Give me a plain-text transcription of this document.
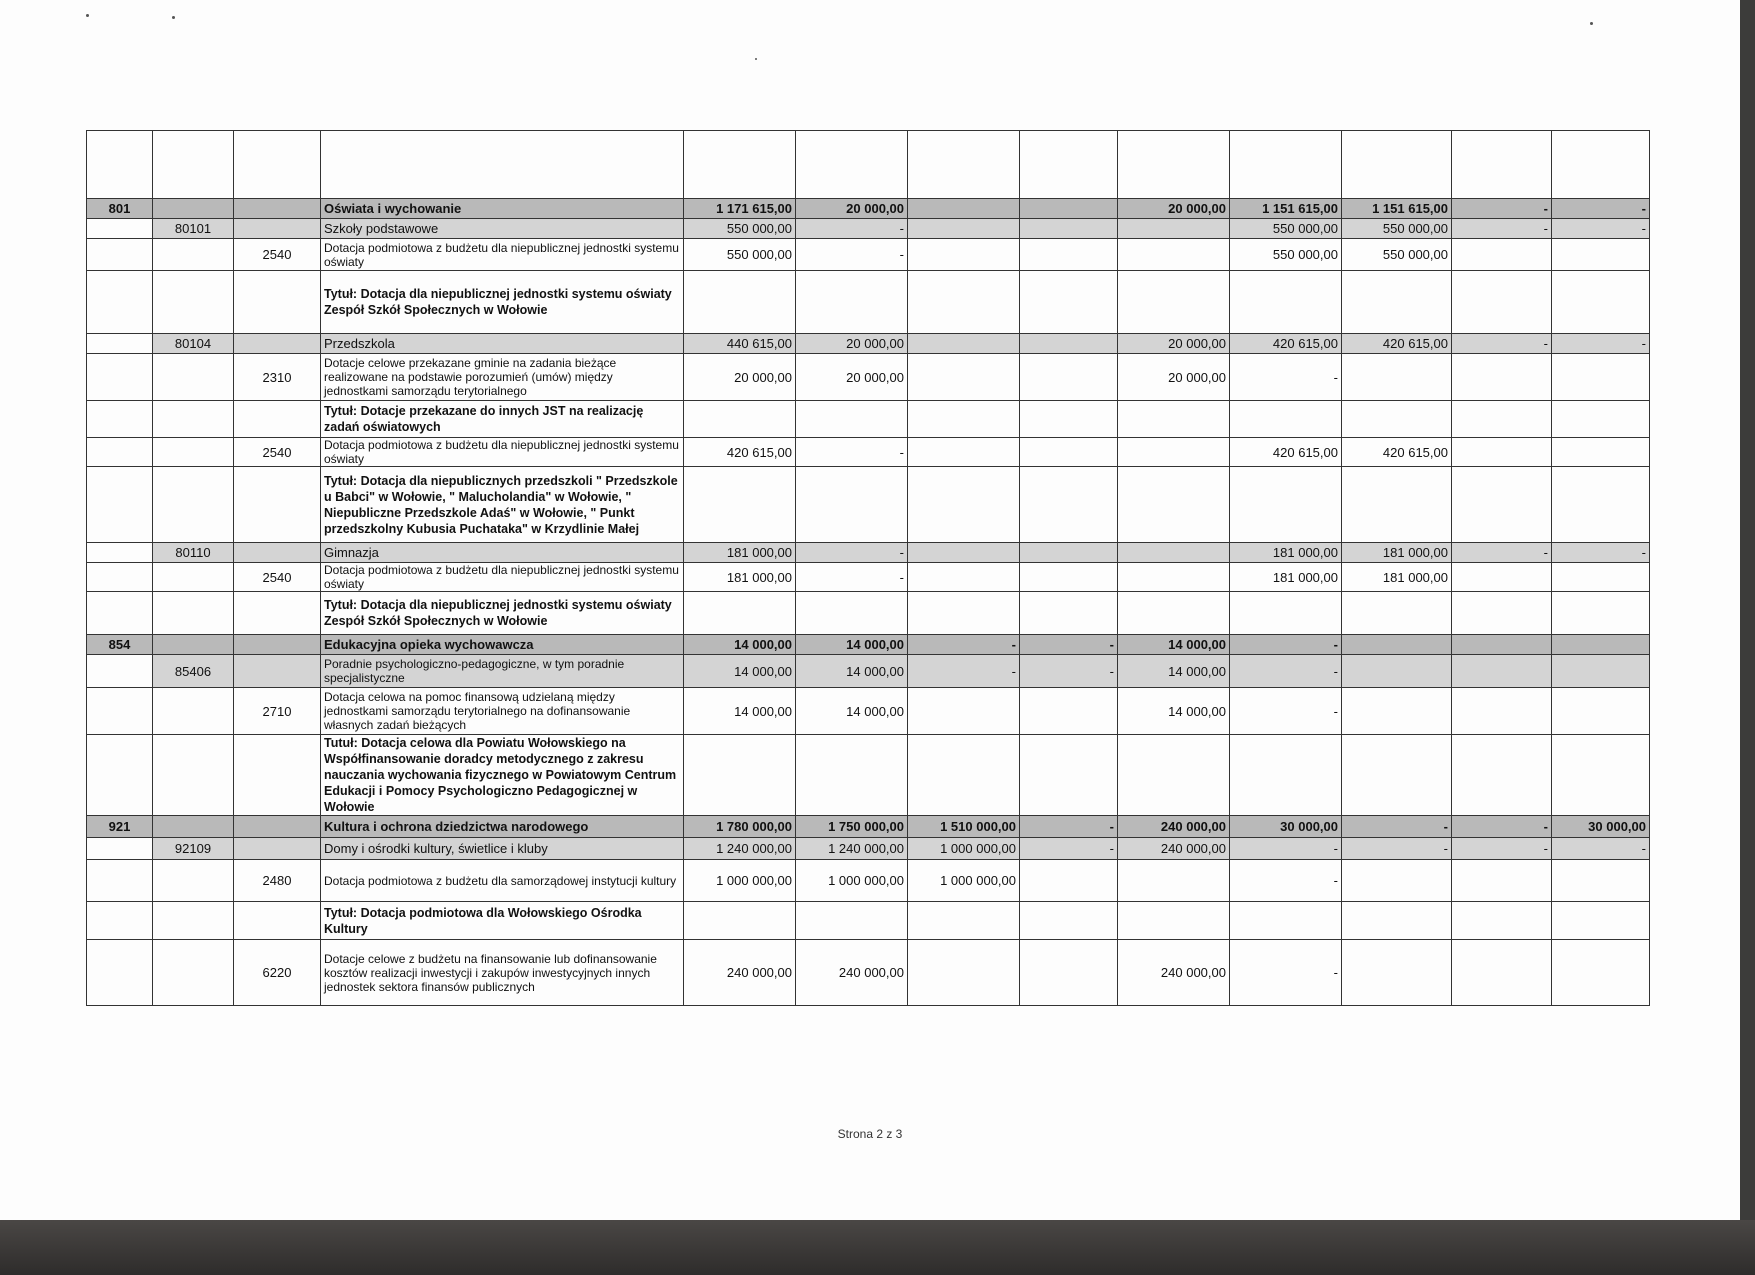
801			Oświata i wychowanie	1 171 615,00	20 000,00			20 000,00	1 151 615,00	1 151 615,00	-	-
	80101		Szkoły podstawowe	550 000,00	-				550 000,00	550 000,00	-	-
		2540	Dotacja podmiotowa z budżetu dla niepublicznej jednostki systemu oświaty	550 000,00	-				550 000,00	550 000,00		
			Tytuł: Dotacja dla niepublicznej jednostki systemu oświaty Zespół Szkół Społecznych w Wołowie									
	80104		Przedszkola	440 615,00	20 000,00			20 000,00	420 615,00	420 615,00	-	-
		2310	Dotacje celowe przekazane gminie na zadania bieżące realizowane na podstawie porozumień (umów) między jednostkami samorządu terytorialnego	20 000,00	20 000,00			20 000,00	-			
			Tytuł: Dotacje przekazane do innych JST na realizację zadań oświatowych									
		2540	Dotacja podmiotowa z budżetu dla niepublicznej jednostki systemu oświaty	420 615,00	-				420 615,00	420 615,00		
			Tytuł: Dotacja dla niepublicznych przedszkoli " Przedszkole u Babci" w Wołowie, " Malucholandia" w Wołowie, " Niepubliczne Przedszkole Adaś" w Wołowie, " Punkt przedszkolny Kubusia Puchataka" w Krzydlinie Małej									
	80110		Gimnazja	181 000,00	-				181 000,00	181 000,00	-	-
		2540	Dotacja podmiotowa z budżetu dla niepublicznej jednostki systemu oświaty	181 000,00	-				181 000,00	181 000,00		
			Tytuł: Dotacja dla niepublicznej jednostki systemu oświaty Zespół Szkół Społecznych w Wołowie									
854			Edukacyjna opieka wychowawcza	14 000,00	14 000,00	-	-	14 000,00	-			
	85406		Poradnie psychologiczno-pedagogiczne, w tym poradnie specjalistyczne	14 000,00	14 000,00	-	-	14 000,00	-			
		2710	Dotacja celowa na pomoc finansową udzielaną między jednostkami samorządu terytorialnego na dofinansowanie własnych zadań bieżących	14 000,00	14 000,00			14 000,00	-			
			Tutuł: Dotacja celowa dla Powiatu Wołowskiego na Współfinansowanie doradcy metodycznego z zakresu nauczania wychowania fizycznego w Powiatowym Centrum Edukacji i Pomocy Psychologiczno Pedagogicznej w Wołowie									
921			Kultura i ochrona dziedzictwa narodowego	1 780 000,00	1 750 000,00	1 510 000,00	-	240 000,00	30 000,00	-	-	30 000,00
	92109		Domy i ośrodki kultury, świetlice i kluby	1 240 000,00	1 240 000,00	1 000 000,00	-	240 000,00	-	-	-	-
		2480	Dotacja podmiotowa z budżetu dla samorządowej instytucji kultury	1 000 000,00	1 000 000,00	1 000 000,00			-			
			Tytuł: Dotacja podmiotowa dla Wołowskiego Ośrodka Kultury									
		6220	Dotacje celowe z budżetu na finansowanie lub dofinansowanie kosztów realizacji inwestycji i zakupów inwestycyjnych innych jednostek sektora finansów publicznych	240 000,00	240 000,00			240 000,00	-			
Strona 2 z 3
